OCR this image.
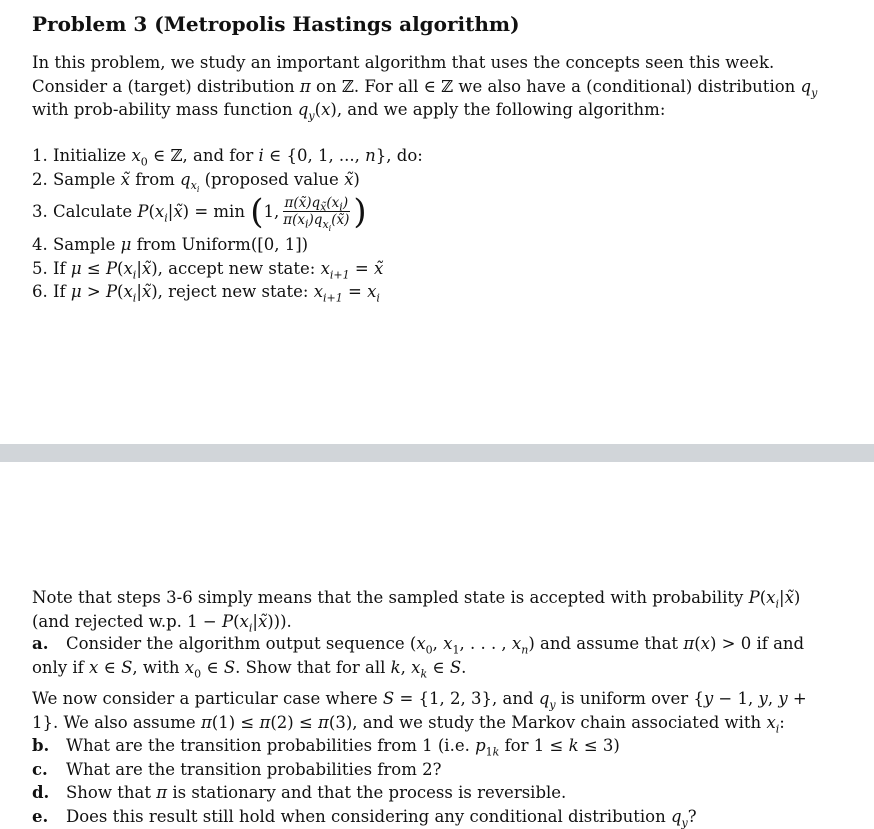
Problem 3 (Metropolis Hastings algorithm)

In this problem, we study an important algorithm that uses the concepts seen this week. Consider a (target) distribution π on ℤ. For all ∈ ℤ we also have a (conditional) distribution $q_y$ with prob-ability mass function $q_y(x)$, and we apply the following algorithm:

1. Initialize $x_0$ ∈ ℤ, and for i ∈ {0, 1, ..., n}, do:
2. Sample x̃ from $q_{x_i}$ (proposed value x̃)
3.
Calculate
P ( $x_i$ | x̃ ) = min
( 1, $\frac{\pi(x̃)q_{x̃}(x_i)}{\pi(x_i)q_{x_i}(x̃)}$ )
4. Sample μ from Uniform([0, 1])
5. If $\mu \le P(x_i|x̃)$, accept new state: $x_{i+1}$ = x̃
6. If $\mu > P(x_i|x̃)$, reject new state: $x_{i+1} = x_i$

Note that steps 3-6 simply means that the sampled state is accepted with probability $P(x_i|x̃)$ (and rejected w.p. $1 - P(x_i|x̃)$)).

a. Consider the algorithm output sequence ($x_0$, $x_1$, . . . , $x_n$) and assume that π(x) > 0 if and only if x ∈ S, with $x_0$ ∈ S. Show that for all k, $x_k$ ∈ S.

We now consider a particular case where S = {1, 2, 3}, and $q_y$ is uniform over {y − 1, y, y + 1}. We also assume π(1) ≤ π(2) ≤ π(3), and we study the Markov chain associated with $x_i$:

b. What are the transition probabilities from 1 (i.e. $p_{1k}$ for 1 ≤ k ≤ 3)
c. What are the transition probabilities from 2?
d. Show that π is stationary and that the process is reversible.
e. Does this result still hold when considering any conditional distribution $q_y$?
